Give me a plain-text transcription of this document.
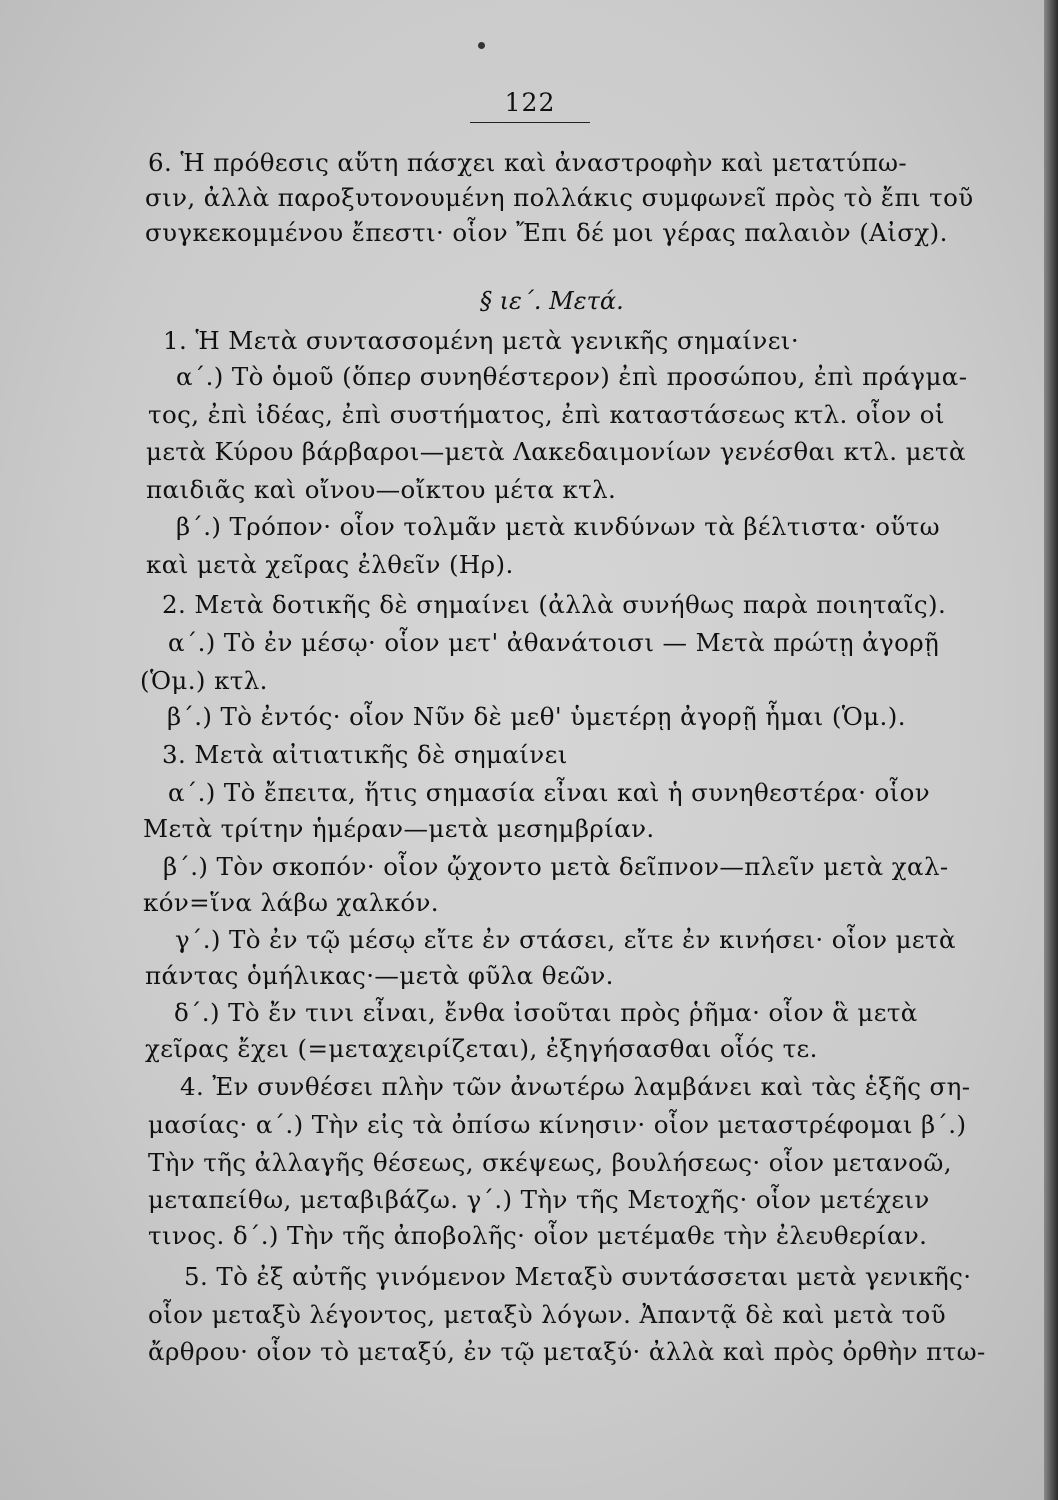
122
6. Ἡ πρόθεσις αὕτη πάσχει καὶ ἀναστροφὴν καὶ μετατύπω-
σιν, ἀλλὰ παροξυτονουμένη πολλάκις συμφωνεῖ πρὸς τὸ ἔπι τοῦ
συγκεκομμένου ἔπεστι· οἷον Ἔπι δέ μοι γέρας παλαιὸν (Αἰσχ).
§ ιε΄. Μετά.
1. Ἡ Μετὰ συντασσομένη μετὰ γενικῆς σημαίνει·
α΄.) Τὸ ὁμοῦ (ὅπερ συνηθέστερον) ἐπὶ προσώπου, ἐπὶ πράγμα-
τος, ἐπὶ ἰδέας, ἐπὶ συστήματος, ἐπὶ καταστάσεως κτλ. οἷον οἱ
μετὰ Κύρου βάρβαροι—μετὰ Λακεδαιμονίων γενέσθαι κτλ. μετὰ
παιδιᾶς καὶ οἴνου—οἴκτου μέτα κτλ.
β΄.) Τρόπον· οἷον τολμᾶν μετὰ κινδύνων τὰ βέλτιστα· οὕτω
καὶ μετὰ χεῖρας ἐλθεῖν (Ηρ).
2. Μετὰ δοτικῆς δὲ σημαίνει (ἀλλὰ συνήθως παρὰ ποιηταῖς).
α΄.) Τὸ ἐν μέσῳ· οἷον μετ' ἀθανάτοισι — Μετὰ πρώτῃ ἀγορῇ
(Ὁμ.) κτλ.
β΄.) Τὸ ἐντός· οἷον Νῦν δὲ μεθ' ὑμετέρῃ ἀγορῇ ἧμαι (Ὁμ.).
3. Μετὰ αἰτιατικῆς δὲ σημαίνει
α΄.) Τὸ ἔπειτα, ἥτις σημασία εἶναι καὶ ἡ συνηθεστέρα· οἷον
Μετὰ τρίτην ἡμέραν—μετὰ μεσημβρίαν.
β΄.) Τὸν σκοπόν· οἷον ᾤχοντο μετὰ δεῖπνον—πλεῖν μετὰ χαλ-
κόν=ἵνα λάβω χαλκόν.
γ΄.) Τὸ ἐν τῷ μέσῳ εἴτε ἐν στάσει, εἴτε ἐν κινήσει· οἷον μετὰ
πάντας ὁμήλικας·—μετὰ φῦλα θεῶν.
δ΄.) Τὸ ἔν τινι εἶναι, ἔνθα ἰσοῦται πρὸς ῥῆμα· οἷον ἃ μετὰ
χεῖρας ἔχει (=μεταχειρίζεται), ἐξηγήσασθαι οἷός τε.
4. Ἐν συνθέσει πλὴν τῶν ἀνωτέρω λαμβάνει καὶ τὰς ἑξῆς ση-
μασίας· α΄.) Τὴν εἰς τὰ ὀπίσω κίνησιν· οἷον μεταστρέφομαι β΄.)
Τὴν τῆς ἀλλαγῆς θέσεως, σκέψεως, βουλήσεως· οἷον μετανοῶ,
μεταπείθω, μεταβιβάζω. γ΄.) Τὴν τῆς Μετοχῆς· οἷον μετέχειν
τινος. δ΄.) Τὴν τῆς ἀποβολῆς· οἷον μετέμαθε τὴν ἐλευθερίαν.
5. Τὸ ἐξ αὐτῆς γινόμενον Μεταξὺ συντάσσεται μετὰ γενικῆς·
οἷον μεταξὺ λέγοντος, μεταξὺ λόγων. Ἀπαντᾷ δὲ καὶ μετὰ τοῦ
ἄρθρου· οἷον τὸ μεταξύ, ἐν τῷ μεταξύ· ἀλλὰ καὶ πρὸς ὀρθὴν πτω-
